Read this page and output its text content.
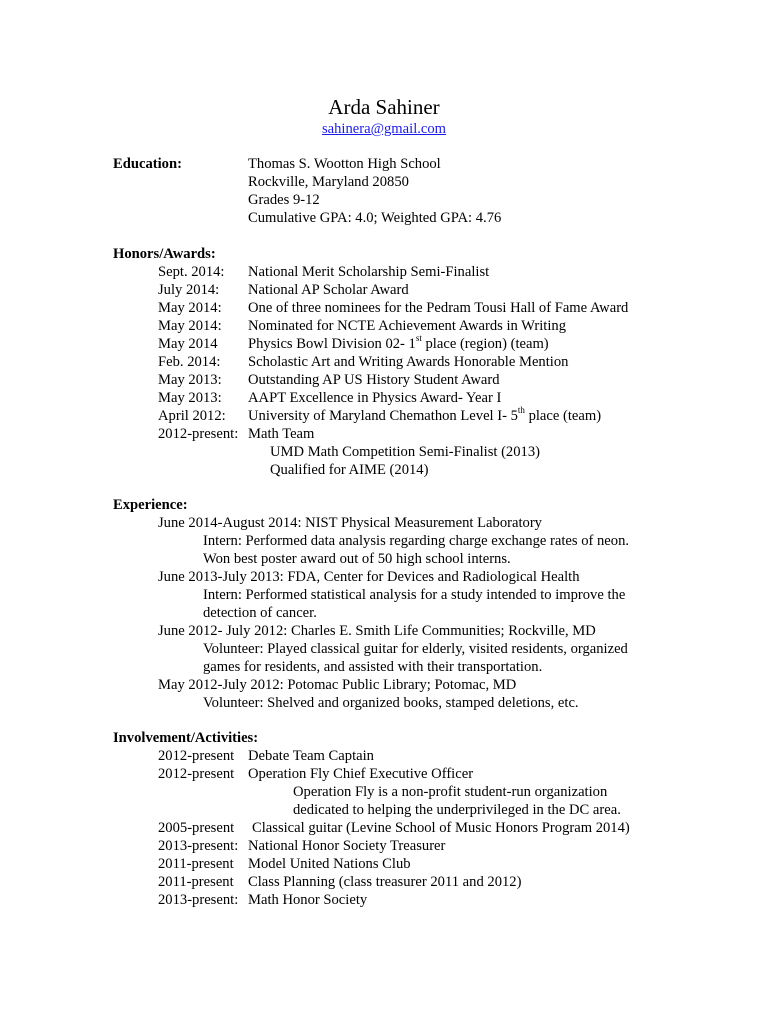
Arda Sahiner
sahinera@gmail.com
Education:	Thomas S. Wootton High School
Rockville, Maryland 20850
Grades 9-12
Cumulative GPA: 4.0; Weighted GPA: 4.76
Honors/Awards:
Sept. 2014: National Merit Scholarship Semi-Finalist
July 2014: National AP Scholar Award
May 2014: One of three nominees for the Pedram Tousi Hall of Fame Award
May 2014: Nominated for NCTE Achievement Awards in Writing
May 2014 Physics Bowl Division 02- 1st place (region) (team)
Feb. 2014: Scholastic Art and Writing Awards Honorable Mention
May 2013: Outstanding AP US History Student Award
May 2013: AAPT Excellence in Physics Award- Year I
April 2012: University of Maryland Chemathon Level I- 5th place (team)
2012-present: Math Team
UMD Math Competition Semi-Finalist (2013)
Qualified for AIME (2014)
Experience:
June 2014-August 2014: NIST Physical Measurement Laboratory
Intern: Performed data analysis regarding charge exchange rates of neon.
Won best poster award out of 50 high school interns.
June 2013-July 2013: FDA, Center for Devices and Radiological Health
Intern: Performed statistical analysis for a study intended to improve the
detection of cancer.
June 2012- July 2012: Charles E. Smith Life Communities; Rockville, MD
Volunteer: Played classical guitar for elderly, visited residents, organized
games for residents, and assisted with their transportation.
May 2012-July 2012: Potomac Public Library; Potomac, MD
Volunteer: Shelved and organized books, stamped deletions, etc.
Involvement/Activities:
2012-present Debate Team Captain
2012-present Operation Fly Chief Executive Officer
Operation Fly is a non-profit student-run organization
dedicated to helping the underprivileged in the DC area.
2005-present Classical guitar (Levine School of Music Honors Program 2014)
2013-present: National Honor Society Treasurer
2011-present Model United Nations Club
2011-present Class Planning (class treasurer 2011 and 2012)
2013-present: Math Honor Society
